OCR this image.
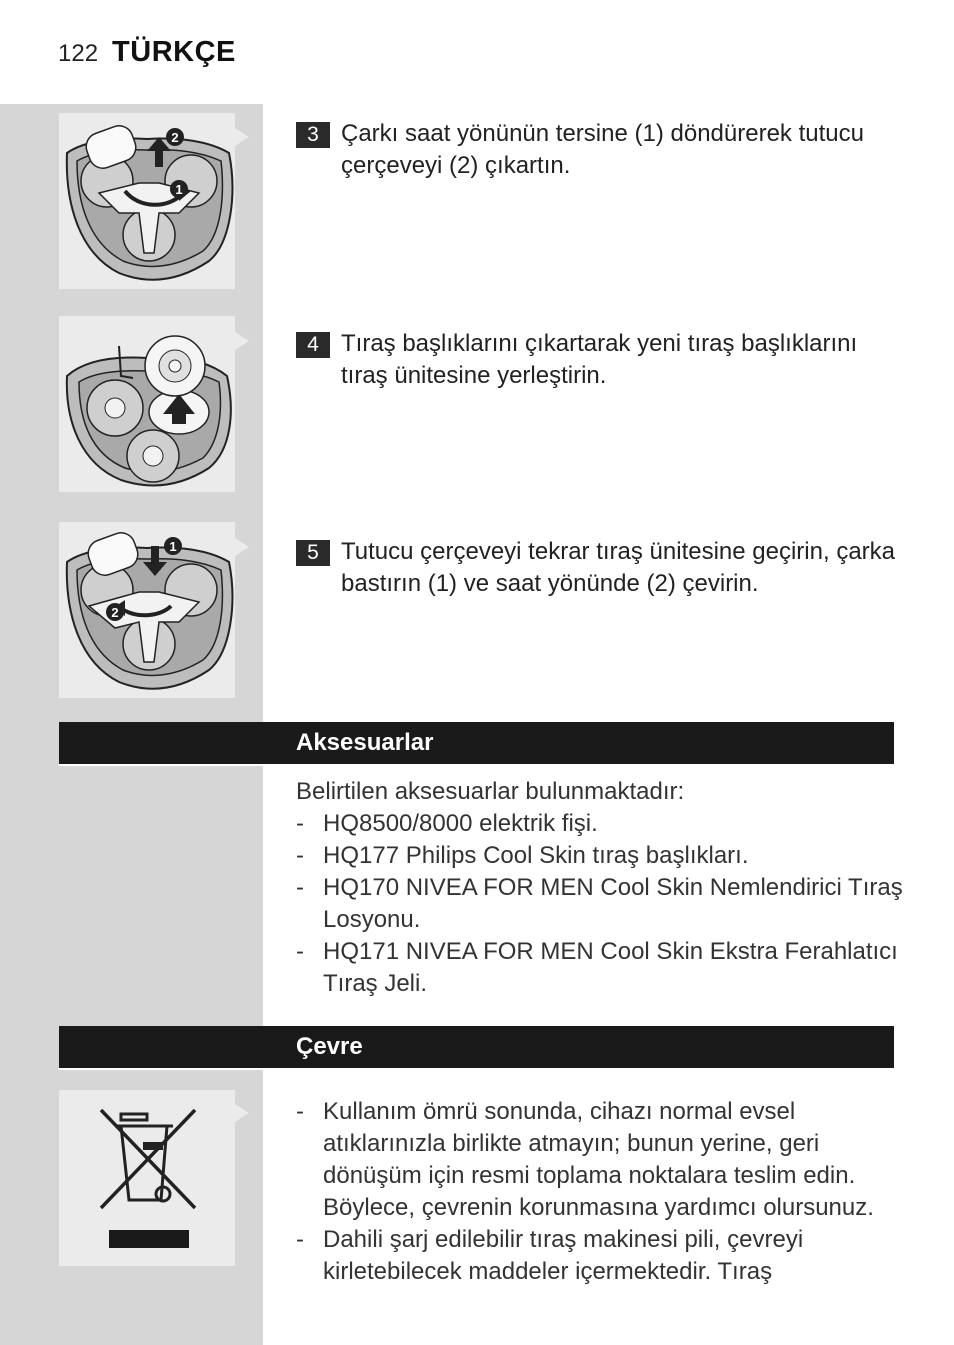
122 TÜRKÇE
2
1
3 Çarkı saat yönünün tersine (1) döndürerek tutucu çerçeveyi (2) çıkartın.
4 Tıraş başlıklarını çıkartarak yeni tıraş başlıklarını tıraş ünitesine yerleştirin.
1
2
5 Tutucu çerçeveyi tekrar tıraş ünitesine geçirin, çarka bastırın (1) ve saat yönünde (2) çevirin.
Aksesuarlar
Belirtilen aksesuarlar bulunmaktadır:
- HQ8500/8000 elektrik fişi.
- HQ177 Philips Cool Skin tıraş başlıkları.
- HQ170 NIVEA FOR MEN Cool Skin Nemlendirici Tıraş Losyonu.
- HQ171 NIVEA FOR MEN Cool Skin Ekstra Ferahlatıcı Tıraş Jeli.
Çevre
- Kullanım ömrü sonunda, cihazı normal evsel atıklarınızla birlikte atmayın; bunun yerine, geri dönüşüm için resmi toplama noktalara teslim edin. Böylece, çevrenin korunmasına yardımcı olursunuz.
- Dahili şarj edilebilir tıraş makinesi pili, çevreyi kirletebilecek maddeler içermektedir. Tıraş
